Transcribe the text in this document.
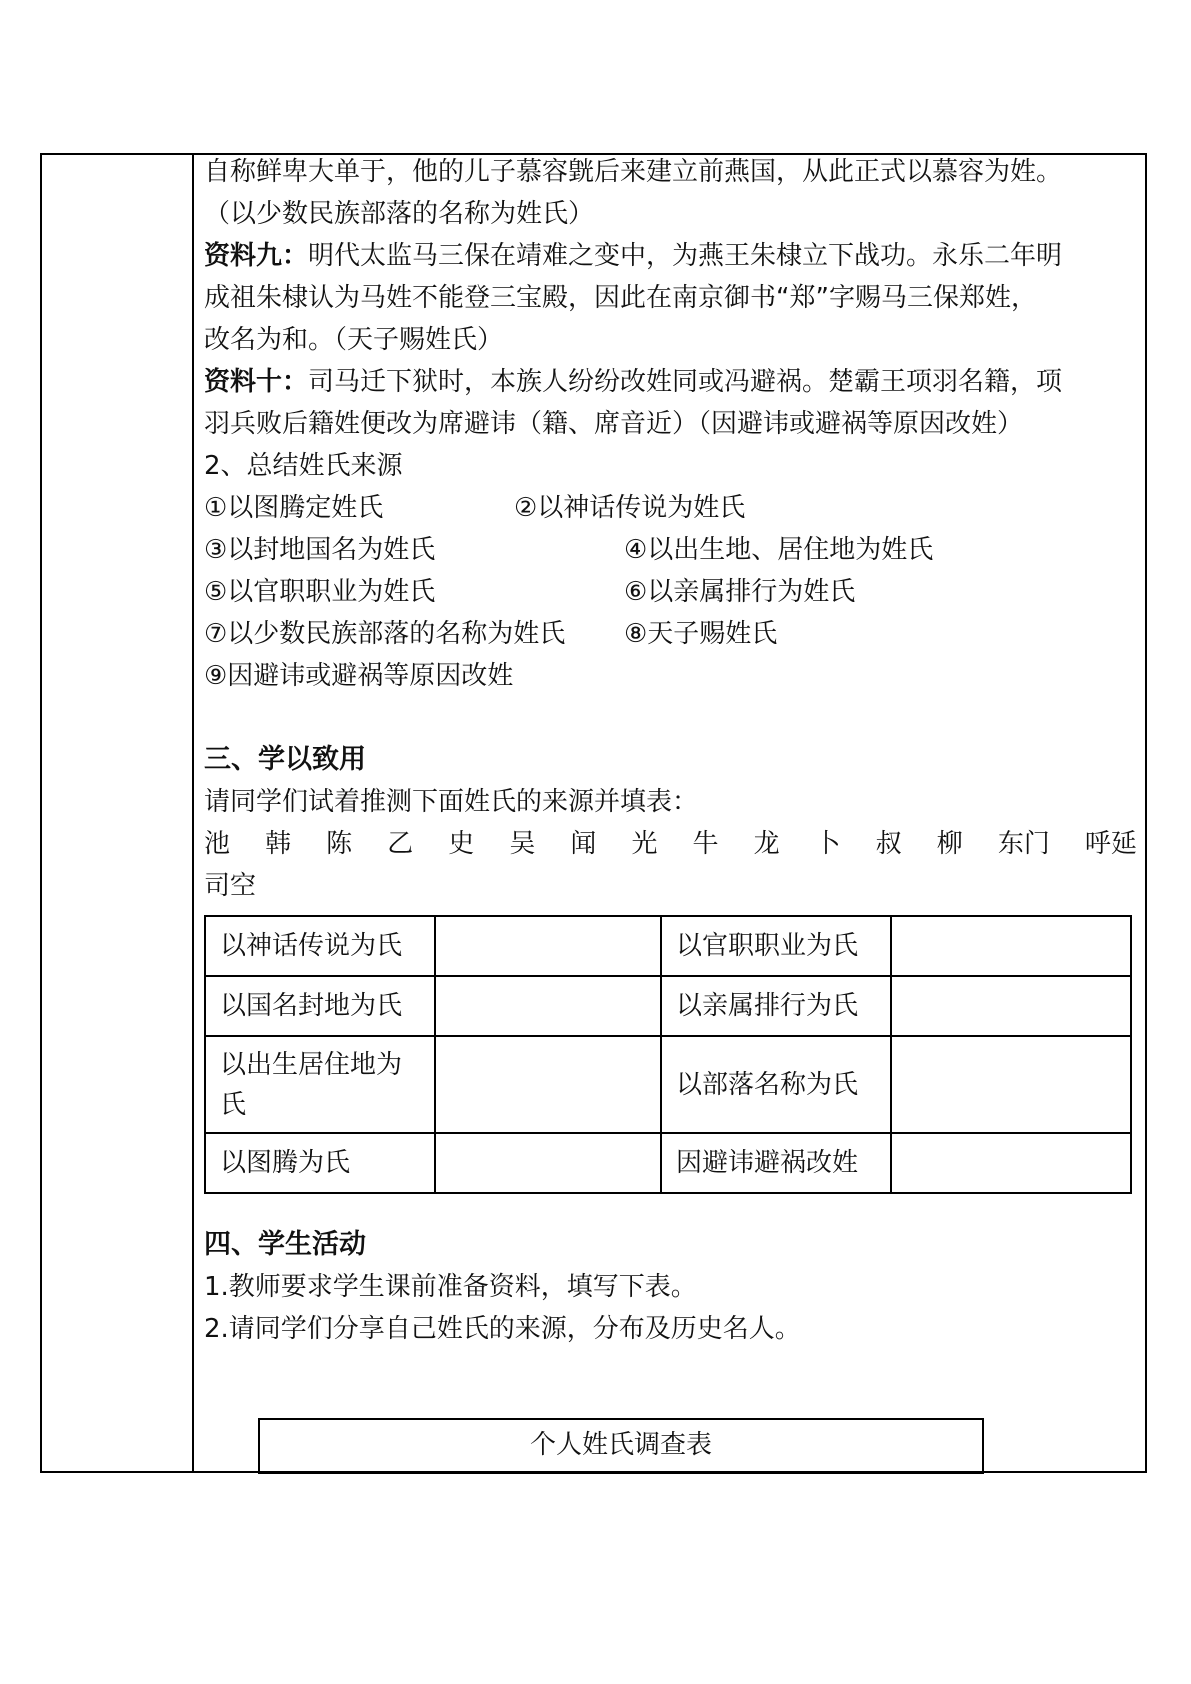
自称鲜卑大单于，他的儿子慕容皝后来建立前燕国，从此正式以慕容为姓。

（以少数民族部落的名称为姓氏）

资料九：明代太监马三保在靖难之变中，为燕王朱棣立下战功。永乐二年明

成祖朱棣认为马姓不能登三宝殿，因此在南京御书“郑”字赐马三保郑姓，

改名为和。（天子赐姓氏）

资料十：司马迁下狱时，本族人纷纷改姓同或冯避祸。楚霸王项羽名籍，项

羽兵败后籍姓便改为席避讳（籍、席音近）（因避讳或避祸等原因改姓）

2、总结姓氏来源

①以图腾定姓氏	②以神话传说为姓氏
③以封地国名为姓氏	④以出生地、居住地为姓氏
⑤以官职职业为姓氏	⑥以亲属排行为姓氏
⑦以少数民族部落的名称为姓氏	⑧天子赐姓氏

⑨因避讳或避祸等原因改姓

三、学以致用

请同学们试着推测下面姓氏的来源并填表：

池 韩 陈 乙 史 吴 闻 光 牛 龙 卜 叔 柳 东门 呼延

司空

以神话传说为氏		以官职职业为氏	
以国名封地为氏		以亲属排行为氏	
以出生居住地为氏		以部落名称为氏	
以图腾为氏		因避讳避祸改姓	

四、学生活动

1.教师要求学生课前准备资料，填写下表。

2.请同学们分享自己姓氏的来源，分布及历史名人。

个人姓氏调查表
